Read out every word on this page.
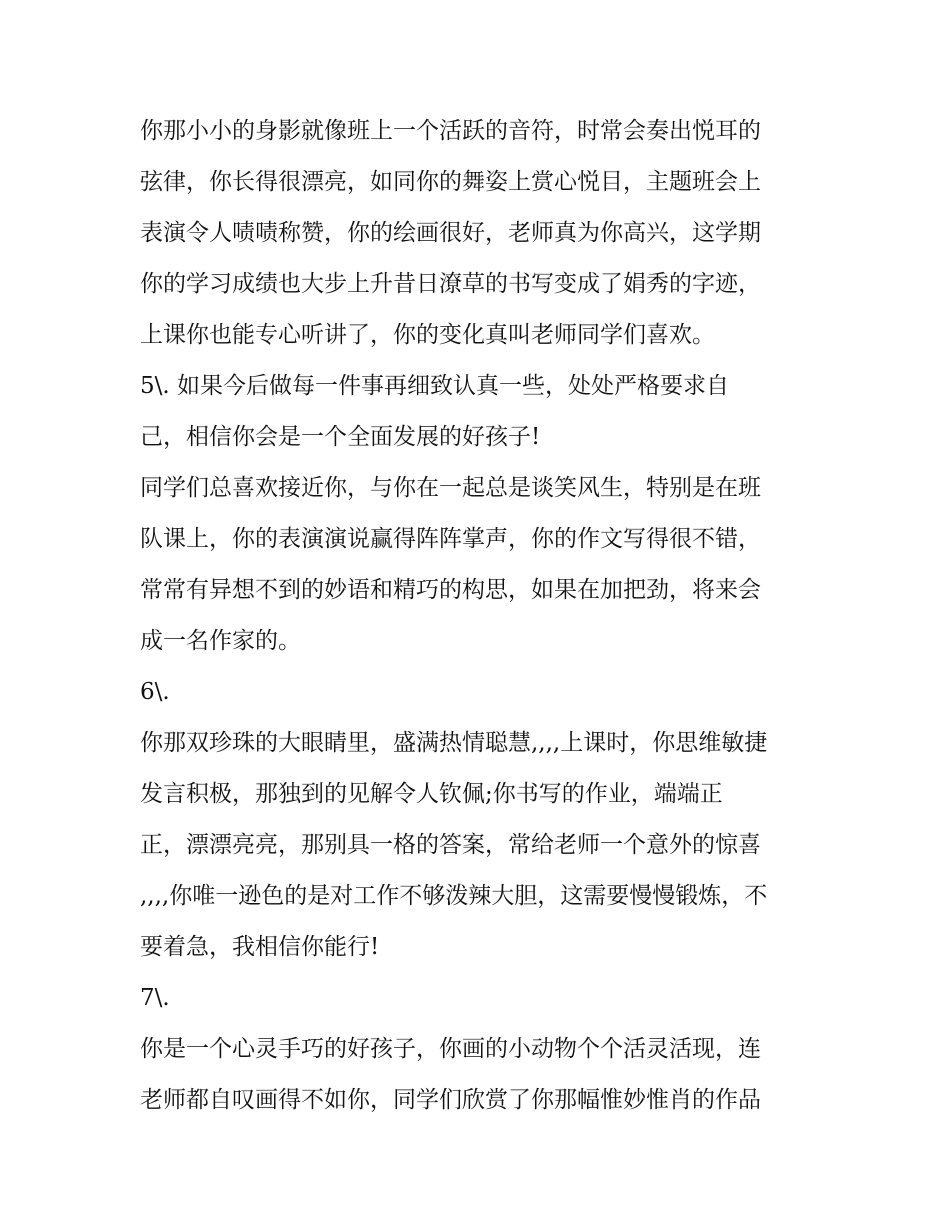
你那小小的身影就像班上一个活跃的音符，时常会奏出悦耳的
弦律，你长得很漂亮，如同你的舞姿上赏心悦目，主题班会上
表演令人啧啧称赞，你的绘画很好，老师真为你高兴，这学期
你的学习成绩也大步上升昔日潦草的书写变成了娟秀的字迹，
上课你也能专心听讲了，你的变化真叫老师同学们喜欢。
5\. 如果今后做每一件事再细致认真一些，处处严格要求自
己，相信你会是一个全面发展的好孩子!
同学们总喜欢接近你，与你在一起总是谈笑风生，特别是在班
队课上，你的表演演说赢得阵阵掌声，你的作文写得很不错，
常常有异想不到的妙语和精巧的构思，如果在加把劲，将来会
成一名作家的。
6\.
你那双珍珠的大眼睛里，盛满热情聪慧,,,,上课时，你思维敏捷
发言积极，那独到的见解令人钦佩;你书写的作业，端端正
正，漂漂亮亮，那别具一格的答案，常给老师一个意外的惊喜
,,,,你唯一逊色的是对工作不够泼辣大胆，这需要慢慢锻炼，不
要着急，我相信你能行!
7\.
你是一个心灵手巧的好孩子，你画的小动物个个活灵活现，连
老师都自叹画得不如你，同学们欣赏了你那幅惟妙惟肖的作品
